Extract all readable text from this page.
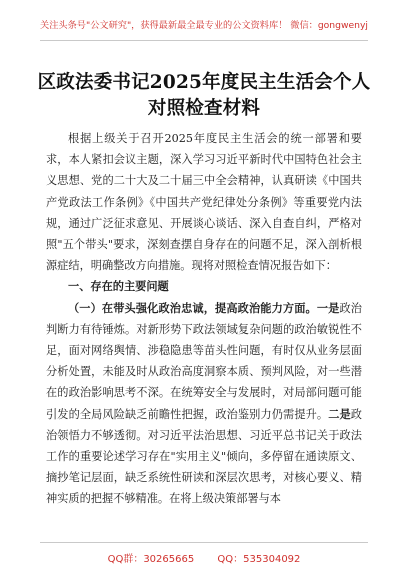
关注头条号"公文研究"，获得最新最全最专业的公文资料库！ 微信：gongwenyj
区政法委书记2025年度民主生活会个人
对照检查材料

根据上级关于召开2025年度民主生活会的统一部署和要求，本人紧扣会议主题，深入学习习近平新时代中国特色社会主义思想、党的二十大及二十届三中全会精神，认真研读《中国共产党政法工作条例》《中国共产党纪律处分条例》等重要党内法规，通过广泛征求意见、开展谈心谈话、深入自查自纠，严格对照"五个带头"要求，深刻查摆自身存在的问题不足，深入剖析根源症结，明确整改方向措施。现将对照检查情况报告如下：

一、存在的主要问题

（一）在带头强化政治忠诚，提高政治能力方面。一是政治判断力有待锤炼。对新形势下政法领域复杂问题的政治敏锐性不足，面对网络舆情、涉稳隐患等苗头性问题，有时仅从业务层面分析处置，未能及时从政治高度洞察本质、预判风险，对一些潜在的政治影响思考不深。在统筹安全与发展时，对局部问题可能引发的全局风险缺乏前瞻性把握，政治鉴别力仍需提升。二是政治领悟力不够透彻。对习近平法治思想、习近平总书记关于政法工作的重要论述学习存在"实用主义"倾向，多停留在通读原文、摘抄笔记层面，缺乏系统性研读和深层次思考，对核心要义、精神实质的把握不够精准。在将上级决策部署与本

QQ群：30265665 QQ：535304092
